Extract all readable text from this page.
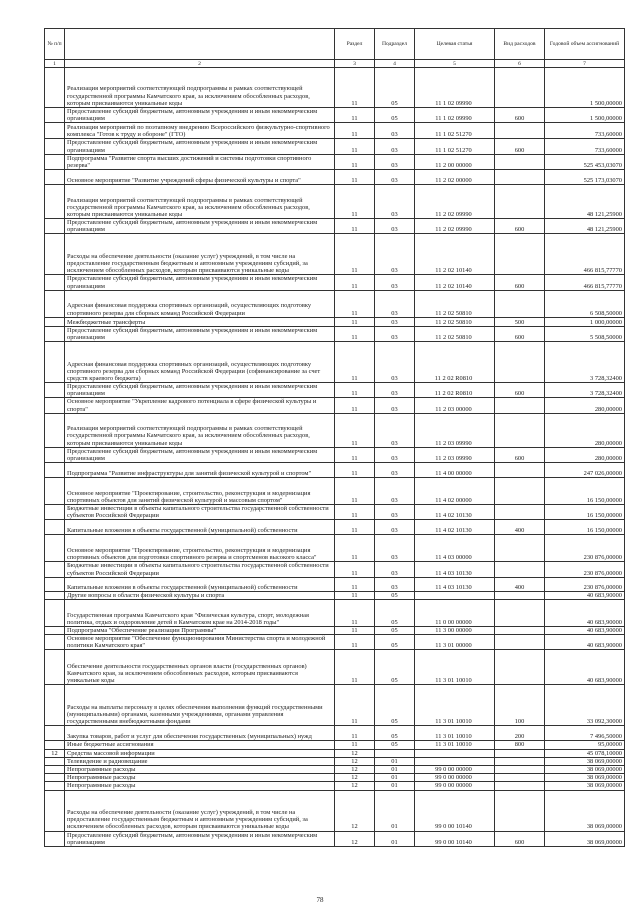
№ п/п		Раздел	Подраздел	Целевая статья	Вид расходов	Годовой объем ассигнований
1	2	3	4	5	6	7
	Реализация мероприятий соответствующей подпрограммы в рамках соответствующей государственной программы Камчатского края, за исключением обособленных расходов, которым присваиваются уникальные коды	11	05	11 1 02 09990		1 500,00000
	Предоставление субсидий бюджетным, автономным учреждениям и иным некоммерческим организациям	11	05	11 1 02 09990	600	1 500,00000
	Реализация мероприятий по поэтапному внедрению Всероссийского физкультурно-спортивного комплекса "Готов к труду и обороне" (ГТО)	11	03	11 1 02 51270		733,60000
	Предоставление субсидий бюджетным, автономным учреждениям и иным некоммерческим организациям	11	03	11 1 02 51270	600	733,60000
	Подпрограмма "Развитие спорта высших достижений и системы подготовки спортивного резерва"	11	03	11 2 00 00000		525 453,03070
	Основное мероприятие "Развитие учреждений сферы физической культуры и спорта"	11	03	11 2 02 00000		525 173,03070
	Реализация мероприятий соответствующей подпрограммы в рамках соответствующей государственной программы Камчатского края, за исключением обособленных расходов, которым присваиваются уникальные коды	11	03	11 2 02 09990		48 121,25900
	Предоставление субсидий бюджетным, автономным учреждениям и иным некоммерческим организациям	11	03	11 2 02 09990	600	48 121,25900
	Расходы на обеспечение деятельности (оказание услуг) учреждений, в том числе на предоставление государственным бюджетным и автономным учреждениям субсидий, за исключением обособленных расходов, которым присваиваются уникальные коды	11	03	11 2 02 10140		466 815,77770
	Предоставление субсидий бюджетным, автономным учреждениям и иным некоммерческим организациям	11	03	11 2 02 10140	600	466 815,77770
	Адресная финансовая поддержка спортивных организаций, осуществляющих подготовку спортивного резерва для сборных команд Российской Федерации	11	03	11 2 02 50810		6 508,50000
	Межбюджетные трансферты	11	03	11 2 02 50810	500	1 000,00000
	Предоставление субсидий бюджетным, автономным учреждениям и иным некоммерческим организациям	11	03	11 2 02 50810	600	5 508,50000
	Адресная финансовая поддержка спортивных организаций, осуществляющих подготовку спортивного резерва для сборных команд Российской Федерации (софинансирование за счет средств краевого бюджета)	11	03	11 2 02 R0810		3 728,32400
	Предоставление субсидий бюджетным, автономным учреждениям и иным некоммерческим организациям	11	03	11 2 02 R0810	600	3 728,32400
	Основное мероприятие "Укрепление кадрового потенциала в сфере физической культуры и спорта"	11	03	11 2 03 00000		280,00000
	Реализация мероприятий соответствующей подпрограммы в рамках соответствующей государственной программы Камчатского края, за исключением обособленных расходов, которым присваиваются уникальные коды	11	03	11 2 03 09990		280,00000
	Предоставление субсидий бюджетным, автономным учреждениям и иным некоммерческим организациям	11	03	11 2 03 09990	600	280,00000
	Подпрограмма "Развитие инфраструктуры для занятий физической культурой и спортом"	11	03	11 4 00 00000		247 026,00000
	Основное мероприятие "Проектирование, строительство, реконструкция и модернизация спортивных объектов для занятий физической культурой и массовым спортом"	11	03	11 4 02 00000		16 150,00000
	Бюджетные инвестиции в объекты капитального строительства государственной собственности субъектов Российской Федерации	11	03	11 4 02 10130		16 150,00000
	Капитальные вложения в объекты государственной (муниципальной) собственности	11	03	11 4 02 10130	400	16 150,00000
	Основное мероприятие "Проектирование, строительство, реконструкция и модернизация спортивных объектов для подготовки спортивного резерва и спортсменов высокого класса"	11	03	11 4 03 00000		230 876,00000
	Бюджетные инвестиции в объекты капитального строительства государственной собственности субъектов Российской Федерации	11	03	11 4 03 10130		230 876,00000
	Капитальные вложения в объекты государственной (муниципальной) собственности	11	03	11 4 03 10130	400	230 876,00000
	Другие вопросы в области физической культуры и спорта	11	05			40 683,90000
	Государственная программа Камчатского края "Физическая культура, спорт, молодежная политика, отдых и оздоровление детей в Камчатском крае на 2014-2018 годы"	11	05	11 0 00 00000		40 683,90000
	Подпрограмма "Обеспечение реализации Программы"	11	05	11 3 00 00000		40 683,90000
	Основное мероприятие "Обеспечение функционирования Министерства спорта и молодежной политики Камчатского края"	11	05	11 3 01 00000		40 683,90000
	Обеспечение деятельности государственных органов власти (государственных органов) Камчатского края, за исключением обособленных расходов, которым присваиваются уникальные коды	11	05	11 3 01 10010		40 683,90000
	Расходы на выплаты персоналу в целях обеспечения выполнения функций государственными (муниципальными) органами, казенными учреждениями, органами управления государственными внебюджетными фондами	11	05	11 3 01 10010	100	33 092,30000
	Закупка товаров, работ и услуг для обеспечения государственных (муниципальных) нужд	11	05	11 3 01 10010	200	7 496,50000
	Иные бюджетные ассигнования	11	05	11 3 01 10010	800	95,00000
12	Средства массовой информации	12				45 078,10000
	Телевидение и радиовещание	12	01			38 069,00000
	Непрограммные расходы	12	01	99 0 00 00000		38 069,00000
	Непрограммные расходы	12	01	99 0 00 00000		38 069,00000
	Непрограммные расходы	12	01	99 0 00 00000		38 069,00000
	Расходы на обеспечение деятельности (оказание услуг) учреждений, в том числе на предоставление государственным бюджетным и автономным учреждениям субсидий, за исключением обособленных расходов, которым присваиваются уникальные коды	12	01	99 0 00 10140		38 069,00000
	Предоставление субсидий бюджетным, автономным учреждениям и иным некоммерческим организациям	12	01	99 0 00 10140	600	38 069,00000
78
